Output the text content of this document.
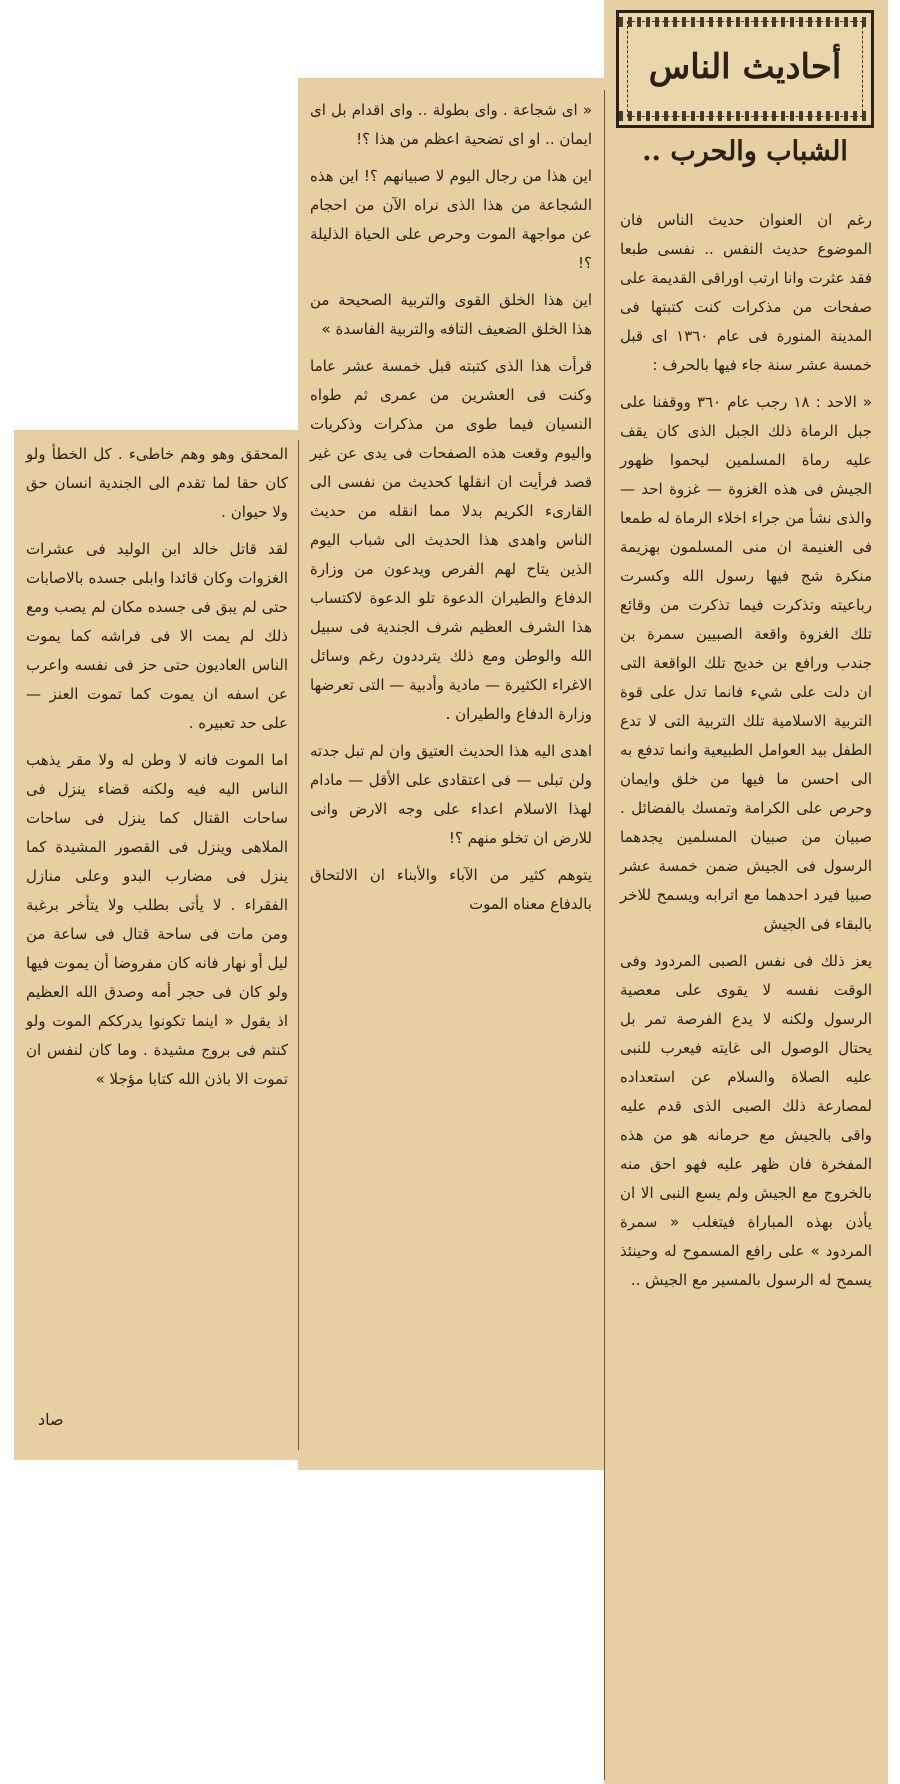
أحاديث الناس
الشباب والحرب ..

رغم ان العنوان حديث الناس فان الموضوع حديث النفس .. نفسى طبعا فقد عثرت وانا ارتب اوراقى القديمة على صفحات من مذكرات كنت كتبتها فى المدينة المنورة فى عام ١٣٦٠ اى قبل خمسة عشر سنة جاء فيها بالحرف :

« الاحد : ١٨ رجب عام ٣٦٠ ووقفنا على جبل الرماة ذلك الجبل الذى كان يقف عليه رماة المسلمين ليحموا ظهور الجيش فى هذه الغزوة — غزوة احد — والذى نشأ من جراء اخلاء الرماة له طمعا فى الغنيمة ان منى المسلمون بهزيمة منكرة شج فيها رسول الله وكسرت رباعيته وتذكرت فيما تذكرت من وقائع تلك الغزوة واقعة الصبيين سمرة بن جندب ورافع بن خديج تلك الواقعة التى ان دلت على شيء فانما تدل على قوة التربية الاسلامية تلك التربية التى لا تدع الطفل بيد العوامل الطبيعية وانما تدفع به الى احسن ما فيها من خلق وايمان وحرص على الكرامة وتمسك بالفضائل . صبيان من صبيان المسلمين يجدهما الرسول فى الجيش ضمن خمسة عشر صبيا فيرد احدهما مع اترابه ويسمح للاخر بالبقاء فى الجيش

يعز ذلك فى نفس الصبى المردود وفى الوقت نفسه لا يقوى على معصية الرسول ولكنه لا يدع الفرصة تمر بل يحتال الوصول الى غايته فيعرب للنبى عليه الصلاة والسلام عن استعداده لمصارعة ذلك الصبى الذى قدم عليه واقى بالجيش مع حرمانه هو من هذه المفخرة فان ظهر عليه فهو احق منه بالخروج مع الجيش ولم يسع النبى الا ان يأذن بهذه المباراة فيتغلب « سمرة المردود » على رافع المسموح له وحينئذ يسمح له الرسول بالمسير مع الجيش ..

« اى شجاعة . واى بطولة .. واى اقدام بل اى ايمان .. او اى تضحية اعظم من هذا ؟!

اين هذا من رجال اليوم لا صبيانهم ؟! اين هذه الشجاعة من هذا الذى نراه الآن من احجام عن مواجهة الموت وحرص على الحياة الذليلة ؟!

اين هذا الخلق القوى والتربية الصحيحة من هذا الخلق الضعيف التافه والتربية الفاسدة »

قرأت هذا الذى كتبته قبل خمسة عشر عاما وكنت فى العشرين من عمرى ثم طواه النسيان فيما طوى من مذكرات وذكريات واليوم وقعت هذه الصفحات فى يدى عن غير قصد فرأيت ان انقلها كحديث من نفسى الى القارىء الكريم بدلا مما انقله من حديث الناس واهدى هذا الحديث الى شباب اليوم الذين يتاح لهم الفرص ويدعون من وزارة الدفاع والطيران الدعوة تلو الدعوة لاكتساب هذا الشرف العظيم شرف الجندية فى سبيل الله والوطن ومع ذلك يترددون رغم وسائل الاغراء الكثيرة — مادية وأدبية — التى تعرضها وزارة الدفاع والطيران .

اهدى اليه هذا الحديث العتيق وان لم تبل جدته ولن تبلى — فى اعتقادى على الأقل — مادام لهذا الاسلام اعداء على وجه الارض وانى للارض ان تخلو منهم ؟!

يتوهم كثير من الآباء والأبناء ان الالتحاق بالدفاع معناه الموت

المحقق وهو وهم خاطىء . كل الخطأ ولو كان حقا لما تقدم الى الجندية انسان حق ولا حيوان .

لقد قاتل خالد ابن الوليد فى عشرات الغزوات وكان قائدا وابلى جسده بالاصابات حتى لم يبق فى جسده مكان لم يصب ومع ذلك لم يمت الا فى فراشه كما يموت الناس العاديون حتى حز فى نفسه واعرب عن اسفه ان يموت كما تموت العنز — على حد تعبيره .

اما الموت فانه لا وطن له ولا مقر يذهب الناس اليه فيه ولكنه قضاء ينزل فى ساحات القتال كما ينزل فى ساحات الملاهى وينزل فى القصور المشيدة كما ينزل فى مضارب البدو وعلى منازل الفقراء . لا يأتى بطلب ولا يتأخر برغبة ومن مات فى ساحة قتال فى ساعة من ليل أو نهار فانه كان مفروضا أن يموت فيها ولو كان فى حجر أمه وصدق الله العظيم اذ يقول « اينما تكونوا يدرككم الموت ولو كنتم فى بروج مشيدة . وما كان لنفس ان تموت الا باذن الله كتابا مؤجلا »

صاد
